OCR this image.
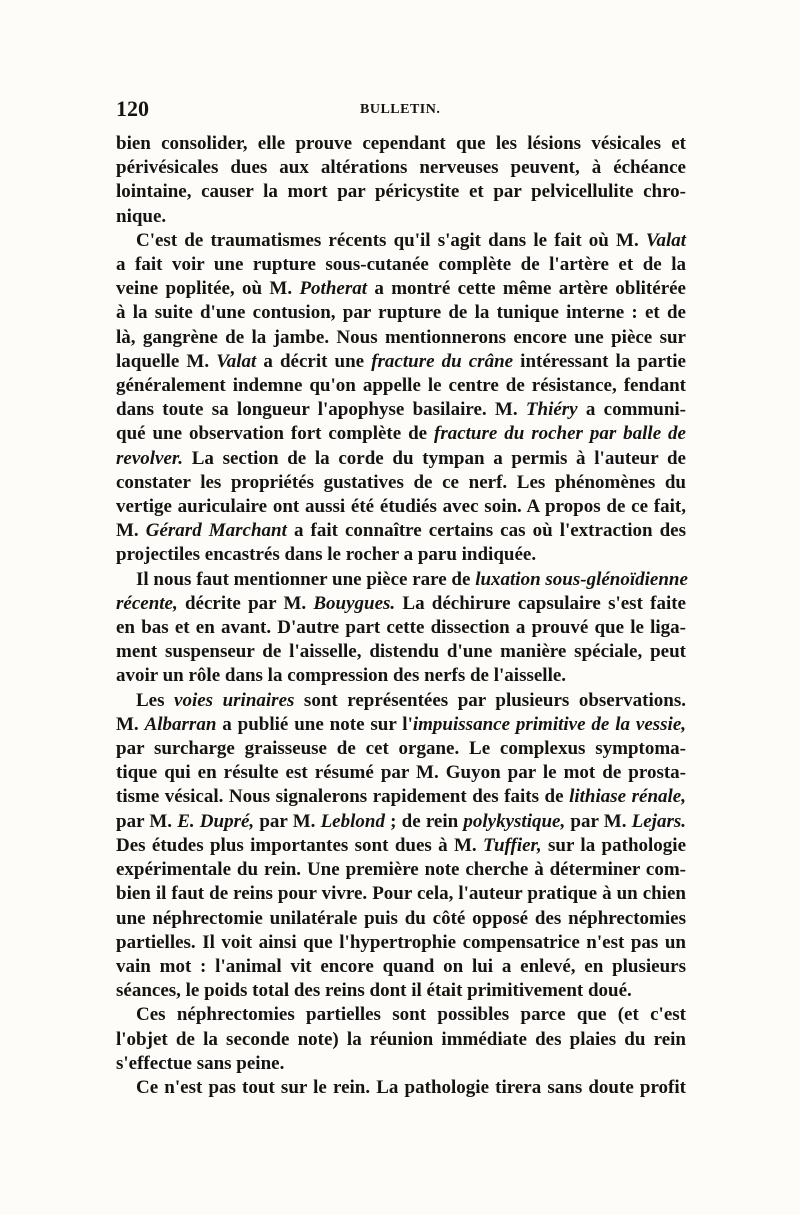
120	BULLETIN.
bien consolider, elle prouve cependant que les lésions vésicales et
périvésicales dues aux altérations nerveuses peuvent, à échéance
lointaine, causer la mort par péricystite et par pelvicellulite chro-
nique.
C'est de traumatismes récents qu'il s'agit dans le fait où M. Valat
a fait voir une rupture sous-cutanée complète de l'artère et de la
veine poplitée, où M. Potherat a montré cette même artère oblitérée
à la suite d'une contusion, par rupture de la tunique interne : et de
là, gangrène de la jambe. Nous mentionnerons encore une pièce sur
laquelle M. Valat a décrit une fracture du crâne intéressant la partie
généralement indemne qu'on appelle le centre de résistance, fendant
dans toute sa longueur l'apophyse basilaire. M. Thiéry a communi-
qué une observation fort complète de fracture du rocher par balle de
revolver. La section de la corde du tympan a permis à l'auteur de
constater les propriétés gustatives de ce nerf. Les phénomènes du
vertige auriculaire ont aussi été étudiés avec soin. A propos de ce fait,
M. Gérard Marchant a fait connaître certains cas où l'extraction des
projectiles encastrés dans le rocher a paru indiquée.
Il nous faut mentionner une pièce rare de luxation sous-glénoïdienne
récente, décrite par M. Bouygues. La déchirure capsulaire s'est faite
en bas et en avant. D'autre part cette dissection a prouvé que le liga-
ment suspenseur de l'aisselle, distendu d'une manière spéciale, peut
avoir un rôle dans la compression des nerfs de l'aisselle.
Les voies urinaires sont représentées par plusieurs observations.
M. Albarran a publié une note sur l'impuissance primitive de la vessie,
par surcharge graisseuse de cet organe. Le complexus symptoma-
tique qui en résulte est résumé par M. Guyon par le mot de prosta-
tisme vésical. Nous signalerons rapidement des faits de lithiase rénale,
par M. E. Dupré, par M. Leblond ; de rein polykystique, par M. Lejars.
Des études plus importantes sont dues à M. Tuffier, sur la pathologie
expérimentale du rein. Une première note cherche à déterminer com-
bien il faut de reins pour vivre. Pour cela, l'auteur pratique à un chien
une néphrectomie unilatérale puis du côté opposé des néphrectomies
partielles. Il voit ainsi que l'hypertrophie compensatrice n'est pas un
vain mot : l'animal vit encore quand on lui a enlevé, en plusieurs
séances, le poids total des reins dont il était primitivement doué.
Ces néphrectomies partielles sont possibles parce que (et c'est
l'objet de la seconde note) la réunion immédiate des plaies du rein
s'effectue sans peine.
Ce n'est pas tout sur le rein. La pathologie tirera sans doute profit
